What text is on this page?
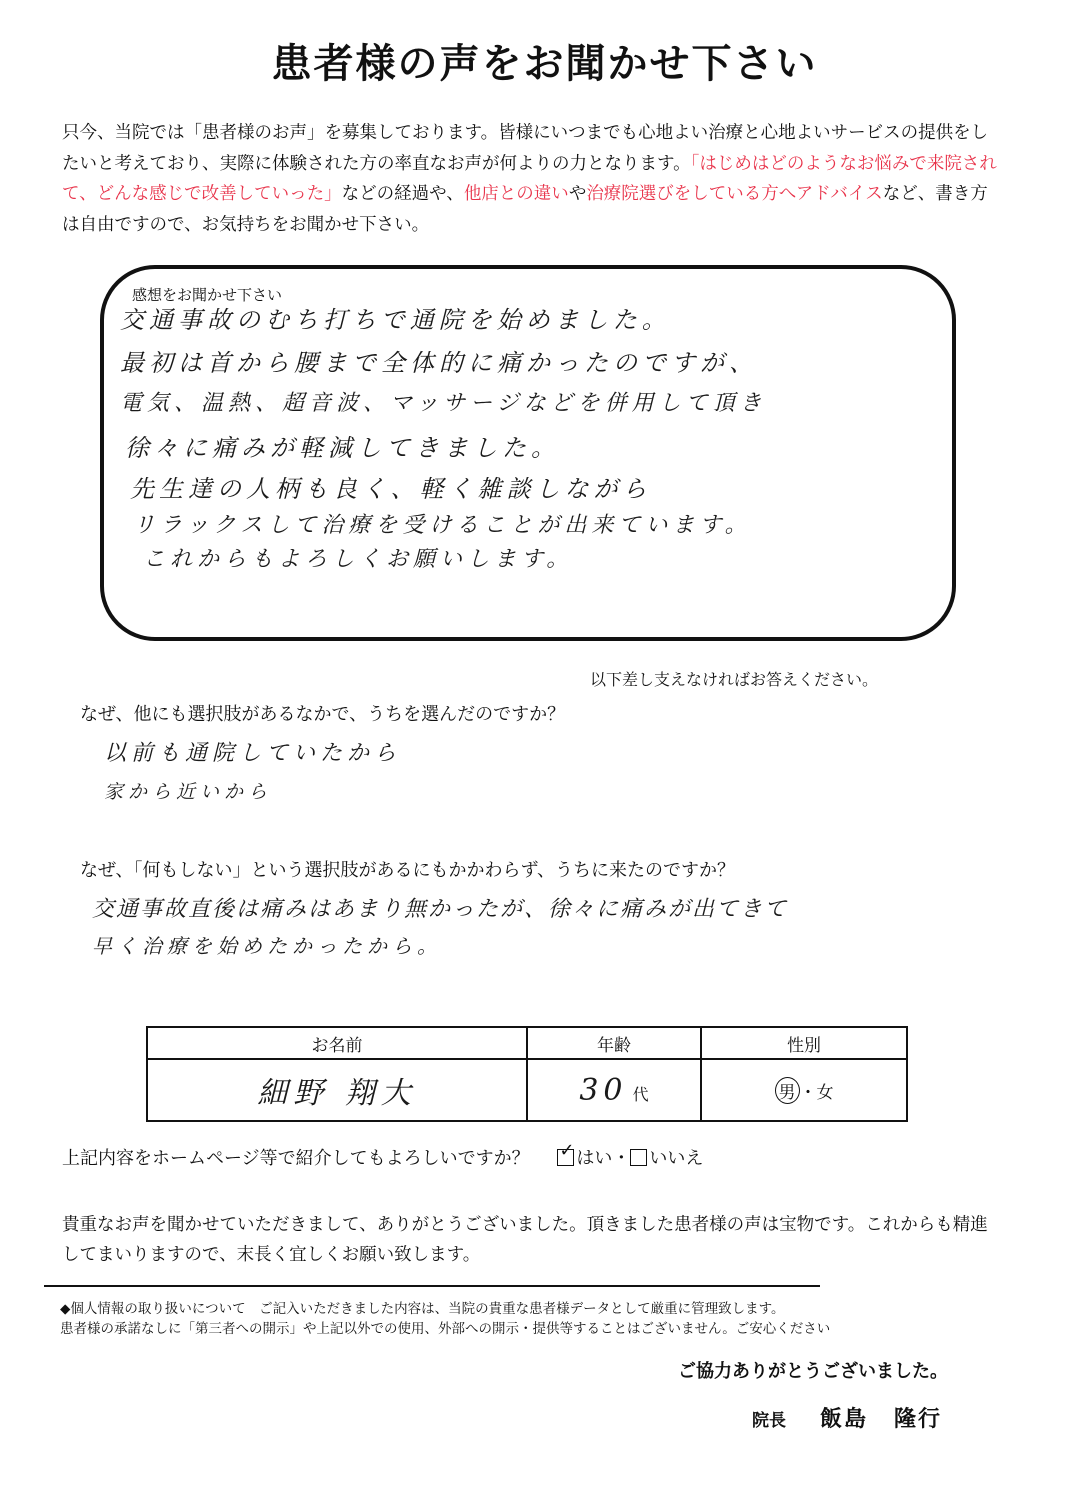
患者様の声をお聞かせ下さい
只今、当院では「患者様のお声」を募集しております。皆様にいつまでも心地よい治療と心地よいサービスの提供をしたいと考えており、実際に体験された方の率直なお声が何よりの力となります。「はじめはどのようなお悩みで来院されて、どんな感じで改善していった」などの経過や、他店との違いや治療院選びをしている方へアドバイスなど、書き方は自由ですので、お気持ちをお聞かせ下さい。
感想をお聞かせ下さい
交通事故のむち打ちで通院を始めました。
最初は首から腰まで全体的に痛かったのですが、
電気、温熱、超音波、マッサージなどを併用して頂き
徐々に痛みが軽減してきました。
先生達の人柄も良く、軽く雑談しながら
リラックスして治療を受けることが出来ています。
これからもよろしくお願いします。
以下差し支えなければお答えください。
なぜ、他にも選択肢があるなかで、うちを選んだのですか？
以前も通院していたから
家から近いから
なぜ、「何もしない」という選択肢があるにもかかわらず、うちに来たのですか？
交通事故直後は痛みはあまり無かったが、徐々に痛みが出てきて
早く治療を始めたかったから。
お名前	年齢	性別
細野 翔大	30 代	男 ・女
上記内容をホームページ等で紹介してもよろしいですか？ ✓ はい・ いいえ
貴重なお声を聞かせていただきまして、ありがとうございました。頂きました患者様の声は宝物です。これからも精進してまいりますので、末長く宜しくお願い致します。
◆個人情報の取り扱いについて　ご記入いただきました内容は、当院の貴重な患者様データとして厳重に管理致します。
患者様の承諾なしに「第三者への開示」や上記以外での使用、外部への開示・提供等することはございません。ご安心ください
ご協力ありがとうございました。
院長 飯島 隆行
